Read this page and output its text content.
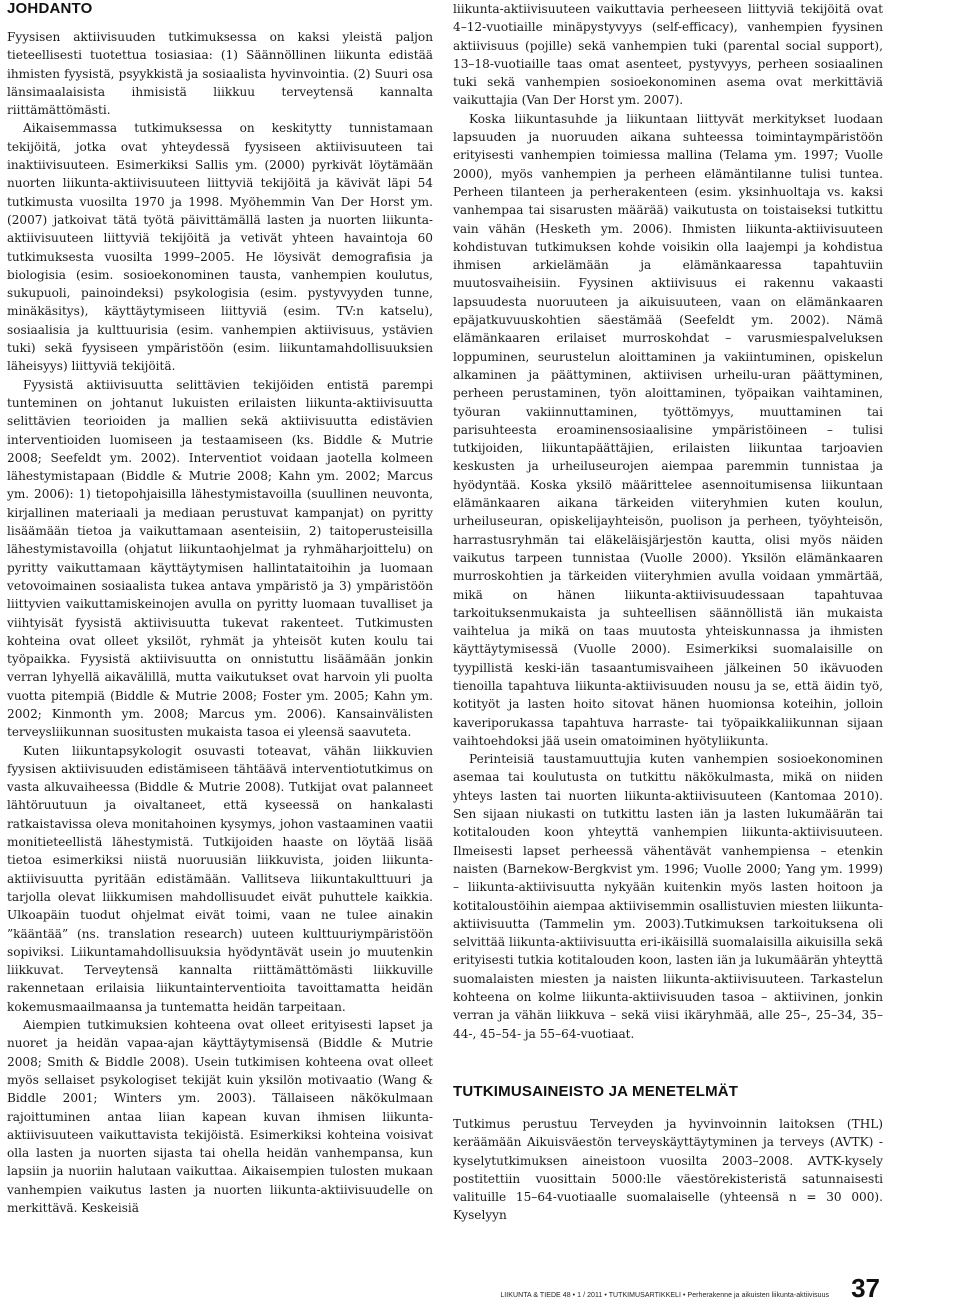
JOHDANTO

Fyysisen aktiivisuuden tutkimuksessa on kaksi yleistä paljon tieteellisesti tuotettua tosiasiaa: (1) Säännöllinen liikunta edistää ihmisten fyysistä, psyykkistä ja sosiaalista hyvinvointia. (2) Suuri osa länsimaalaisista ihmisistä liikkuu terveytensä kannalta riittämättömästi.

Aikaisemmassa tutkimuksessa on keskitytty tunnistamaan tekijöitä, jotka ovat yhteydessä fyysiseen aktiivisuuteen tai inaktiivisuuteen. Esimerkiksi Sallis ym. (2000) pyrkivät löytämään nuorten liikunta-aktiivisuuteen liittyviä tekijöitä ja kävivät läpi 54 tutkimusta vuosilta 1970 ja 1998. Myöhemmin Van Der Horst ym. (2007) jatkoivat tätä työtä päivittämällä lasten ja nuorten liikunta-aktiivisuuteen liittyviä tekijöitä ja vetivät yhteen havaintoja 60 tutkimuksesta vuosilta 1999–2005. He löysivät demografisia ja biologisia (esim. sosioekonominen tausta, vanhempien koulutus, sukupuoli, painoindeksi) psykologisia (esim. pystyvyyden tunne, minäkäsitys), käyttäytymiseen liittyviä (esim. TV:n katselu), sosiaalisia ja kulttuurisia (esim. vanhempien aktiivisuus, ystävien tuki) sekä fyysiseen ympäristöön (esim. liikuntamahdollisuuksien läheisyys) liittyviä tekijöitä.

Fyysistä aktiivisuutta selittävien tekijöiden entistä parempi tunteminen on johtanut lukuisten erilaisten liikunta-aktiivisuutta selittävien teorioiden ja mallien sekä aktiivisuutta edistävien interventioiden luomiseen ja testaamiseen (ks. Biddle & Mutrie 2008; Seefeldt ym. 2002). Interventiot voidaan jaotella kolmeen lähestymistapaan (Biddle & Mutrie 2008; Kahn ym. 2002; Marcus ym. 2006): 1) tietopohjaisilla lähestymistavoilla (suullinen neuvonta, kirjallinen materiaali ja mediaan perustuvat kampanjat) on pyritty lisäämään tietoa ja vaikuttamaan asenteisiin, 2) taitoperusteisilla lähestymistavoilla (ohjatut liikuntaohjelmat ja ryhmäharjoittelu) on pyritty vaikuttamaan käyttäytymisen hallintataitoihin ja luomaan vetovoimainen sosiaalista tukea antava ympäristö ja 3) ympäristöön liittyvien vaikuttamiskeinojen avulla on pyritty luomaan tuvalliset ja viihtyisät fyysistä aktiivisuutta tukevat rakenteet. Tutkimusten kohteina ovat olleet yksilöt, ryhmät ja yhteisöt kuten koulu tai työpaikka. Fyysistä aktiivisuutta on onnistuttu lisäämään jonkin verran lyhyellä aikavälillä, mutta vaikutukset ovat harvoin yli puolta vuotta pitempiä (Biddle & Mutrie 2008; Foster ym. 2005; Kahn ym. 2002; Kinmonth ym. 2008; Marcus ym. 2006). Kansainvälisten terveysliikunnan suositusten mukaista tasoa ei yleensä saavuteta.

Kuten liikuntapsykologit osuvasti toteavat, vähän liikkuvien fyysisen aktiivisuuden edistämiseen tähtäävä interventiotutkimus on vasta alkuvaiheessa (Biddle & Mutrie 2008). Tutkijat ovat palanneet lähtöruutuun ja oivaltaneet, että kyseessä on hankalasti ratkaistavissa oleva monitahoinen kysymys, johon vastaaminen vaatii monitieteellistä lähestymistä. Tutkijoiden haaste on löytää lisää tietoa esimerkiksi niistä nuoruusiän liikkuvista, joiden liikunta-aktiivisuutta pyritään edistämään. Vallitseva liikuntakulttuuri ja tarjolla olevat liikkumisen mahdollisuudet eivät puhuttele kaikkia. Ulkoapäin tuodut ohjelmat eivät toimi, vaan ne tulee ainakin ”kääntää” (ns. translation research) uuteen kulttuuriympäristöön sopiviksi. Liikuntamahdollisuuksia hyödyntävät usein jo muutenkin liikkuvat. Terveytensä kannalta riittämättömästi liikkuville rakennetaan erilaisia liikuntainterventioita tavoittamatta heidän kokemusmaailmaansa ja tuntematta heidän tarpeitaan.

Aiempien tutkimuksien kohteena ovat olleet erityisesti lapset ja nuoret ja heidän vapaa-ajan käyttäytymisensä (Biddle & Mutrie 2008; Smith & Biddle 2008). Usein tutkimisen kohteena ovat olleet myös sellaiset psykologiset tekijät kuin yksilön motivaatio (Wang & Biddle 2001; Winters ym. 2003). Tällaiseen näkökulmaan rajoittuminen antaa liian kapean kuvan ihmisen liikunta-aktiivisuuteen vaikuttavista tekijöistä. Esimerkiksi kohteina voisivat olla lasten ja nuorten sijasta tai ohella heidän vanhempansa, kun lapsiin ja nuoriin halutaan vaikuttaa. Aikaisempien tulosten mukaan vanhempien vaikutus lasten ja nuorten liikunta-aktiivisuudelle on merkittävä. Keskeisiä

liikunta-aktiivisuuteen vaikuttavia perheeseen liittyviä tekijöitä ovat 4–12-vuotiaille minäpystyvyys (self-efficacy), vanhempien fyysinen aktiivisuus (pojille) sekä vanhempien tuki (parental social support), 13–18-vuotiaille taas omat asenteet, pystyvyys, perheen sosiaalinen tuki sekä vanhempien sosioekonominen asema ovat merkittäviä vaikuttajia (Van Der Horst ym. 2007).

Koska liikuntasuhde ja liikuntaan liittyvät merkitykset luodaan lapsuuden ja nuoruuden aikana suhteessa toimintaympäristöön erityisesti vanhempien toimiessa mallina (Telama ym. 1997; Vuolle 2000), myös vanhempien ja perheen elämäntilanne tulisi tuntea. Perheen tilanteen ja perherakenteen (esim. yksinhuoltaja vs. kaksi vanhempaa tai sisarusten määrää) vaikutusta on toistaiseksi tutkittu vain vähän (Hesketh ym. 2006). Ihmisten liikunta-aktiivisuuteen kohdistuvan tutkimuksen kohde voisikin olla laajempi ja kohdistua ihmisen arkielämään ja elämänkaaressa tapahtuviin muutosvaiheisiin. Fyysinen aktiivisuus ei rakennu vakaasti lapsuudesta nuoruuteen ja aikuisuuteen, vaan on elämänkaaren epäjatkuvuuskohtien säestämää (Seefeldt ym. 2002). Nämä elämänkaaren erilaiset murroskohdat – varusmiespalveluksen loppuminen, seurustelun aloittaminen ja vakiintuminen, opiskelun alkaminen ja päättyminen, aktiivisen urheilu-uran päättyminen, perheen perustaminen, työn aloittaminen, työpaikan vaihtaminen, työuran vakiinnuttaminen, työttömyys, muuttaminen tai parisuhteesta eroaminensosiaalisine ympäristöineen – tulisi tutkijoiden, liikuntapäättäjien, erilaisten liikuntaa tarjoavien keskusten ja urheiluseurojen aiempaa paremmin tunnistaa ja hyödyntää. Koska yksilö määrittelee asennoitumisensa liikuntaan elämänkaaren aikana tärkeiden viiteryhmien kuten koulun, urheiluseuran, opiskelijayhteisön, puolison ja perheen, työyhteisön, harrastusryhmän tai eläkeläisjärjestön kautta, olisi myös näiden vaikutus tarpeen tunnistaa (Vuolle 2000). Yksilön elämänkaaren murroskohtien ja tärkeiden viiteryhmien avulla voidaan ymmärtää, mikä on hänen liikunta-aktiivisuudessaan tapahtuvaa tarkoituksenmukaista ja suhteellisen säännöllistä iän mukaista vaihtelua ja mikä on taas muutosta yhteiskunnassa ja ihmisten käyttäytymisessä (Vuolle 2000). Esimerkiksi suomalaisille on tyypillistä keski-iän tasaantumisvaiheen jälkeinen 50 ikävuoden tienoilla tapahtuva liikunta-aktiivisuuden nousu ja se, että äidin työ, kotityöt ja lasten hoito sitovat hänen huomionsa koteihin, jolloin kaveriporukassa tapahtuva harraste- tai työpaikkaliikunnan sijaan vaihtoehdoksi jää usein omatoiminen hyötyliikunta.

Perinteisiä taustamuuttujia kuten vanhempien sosioekonominen asemaa tai koulutusta on tutkittu näkökulmasta, mikä on niiden yhteys lasten tai nuorten liikunta-aktiivisuuteen (Kantomaa 2010). Sen sijaan niukasti on tutkittu lasten iän ja lasten lukumäärän tai kotitalouden koon yhteyttä vanhempien liikunta-aktiivisuuteen. Ilmeisesti lapset perheessä vähentävät vanhempiensa – etenkin naisten (Barnekow-Bergkvist ym. 1996; Vuolle 2000; Yang ym. 1999) – liikunta-aktiivisuutta nykyään kuitenkin myös lasten hoitoon ja kotitaloustöihin aiempaa aktiivisemmin osallistuvien miesten liikunta-aktiivisuutta (Tammelin ym. 2003).Tutkimuksen tarkoituksena oli selvittää liikunta-aktiivisuutta eri-ikäisillä suomalaisilla aikuisilla sekä erityisesti tutkia kotitalouden koon, lasten iän ja lukumäärän yhteyttä suomalaisten miesten ja naisten liikunta-aktiivisuuteen. Tarkastelun kohteena on kolme liikunta-aktiivisuuden tasoa – aktiivinen, jonkin verran ja vähän liikkuva – sekä viisi ikäryhmää, alle 25–, 25–34, 35–44-, 45–54- ja 55–64-vuotiaat.

TUTKIMUSAINEISTO JA MENETELMÄT

Tutkimus perustuu Terveyden ja hyvinvoinnin laitoksen (THL) keräämään Aikuisväestön terveyskäyttäytyminen ja terveys (AVTK) -kyselytutkimuksen aineistoon vuosilta 2003–2008. AVTK-kysely postitettiin vuosittain 5000:lle väestörekisteristä satunnaisesti valituille 15–64-vuotiaalle suomalaiselle (yhteensä n = 30 000). Kyselyyn

LIIKUNTA & TIEDE 48 • 1 / 2011 • TUTKIMUSARTIKKELI • Perherakenne ja aikuisten liikunta-aktiivisuus 37
